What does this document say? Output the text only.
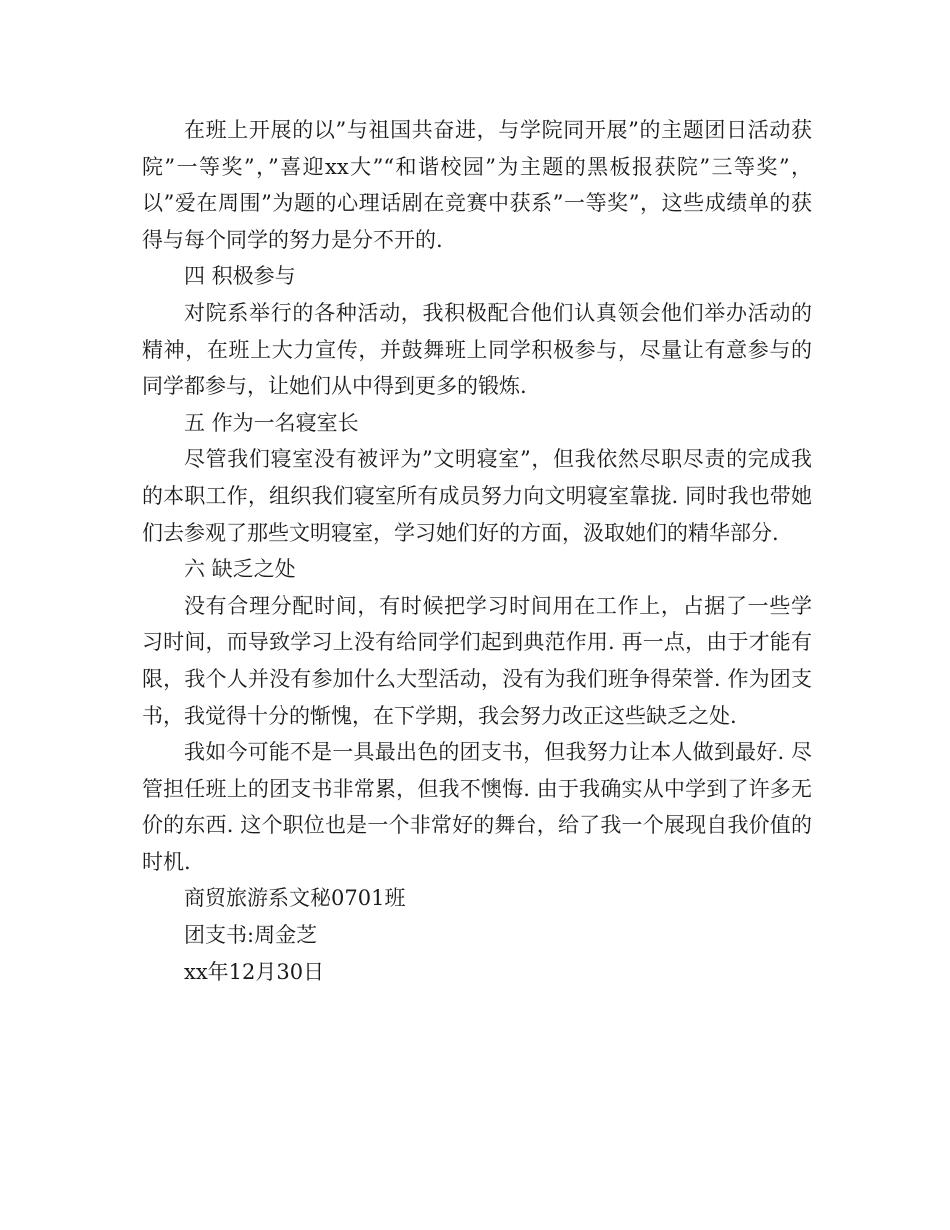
在班上开展的以”与祖国共奋进，与学院同开展”的主题团日活动获院”一等奖”，”喜迎xx大”“和谐校园”为主题的黑板报获院”三等奖”，以”爱在周围”为题的心理话剧在竞赛中获系”一等奖”，这些成绩单的获得与每个同学的努力是分不开的.

四 积极参与

对院系举行的各种活动，我积极配合他们认真领会他们举办活动的精神，在班上大力宣传，并鼓舞班上同学积极参与，尽量让有意参与的同学都参与，让她们从中得到更多的锻炼.

五 作为一名寝室长

尽管我们寝室没有被评为”文明寝室”，但我依然尽职尽责的完成我的本职工作，组织我们寝室所有成员努力向文明寝室靠拢. 同时我也带她们去参观了那些文明寝室，学习她们好的方面，汲取她们的精华部分.

六 缺乏之处

没有合理分配时间，有时候把学习时间用在工作上，占据了一些学习时间，而导致学习上没有给同学们起到典范作用. 再一点，由于才能有限，我个人并没有参加什么大型活动，没有为我们班争得荣誉. 作为团支书，我觉得十分的惭愧，在下学期，我会努力改正这些缺乏之处.

我如今可能不是一具最出色的团支书，但我努力让本人做到最好. 尽管担任班上的团支书非常累，但我不懊悔. 由于我确实从中学到了许多无价的东西. 这个职位也是一个非常好的舞台，给了我一个展现自我价值的时机.

商贸旅游系文秘0701班

团支书:周金芝

xx年12月30日
